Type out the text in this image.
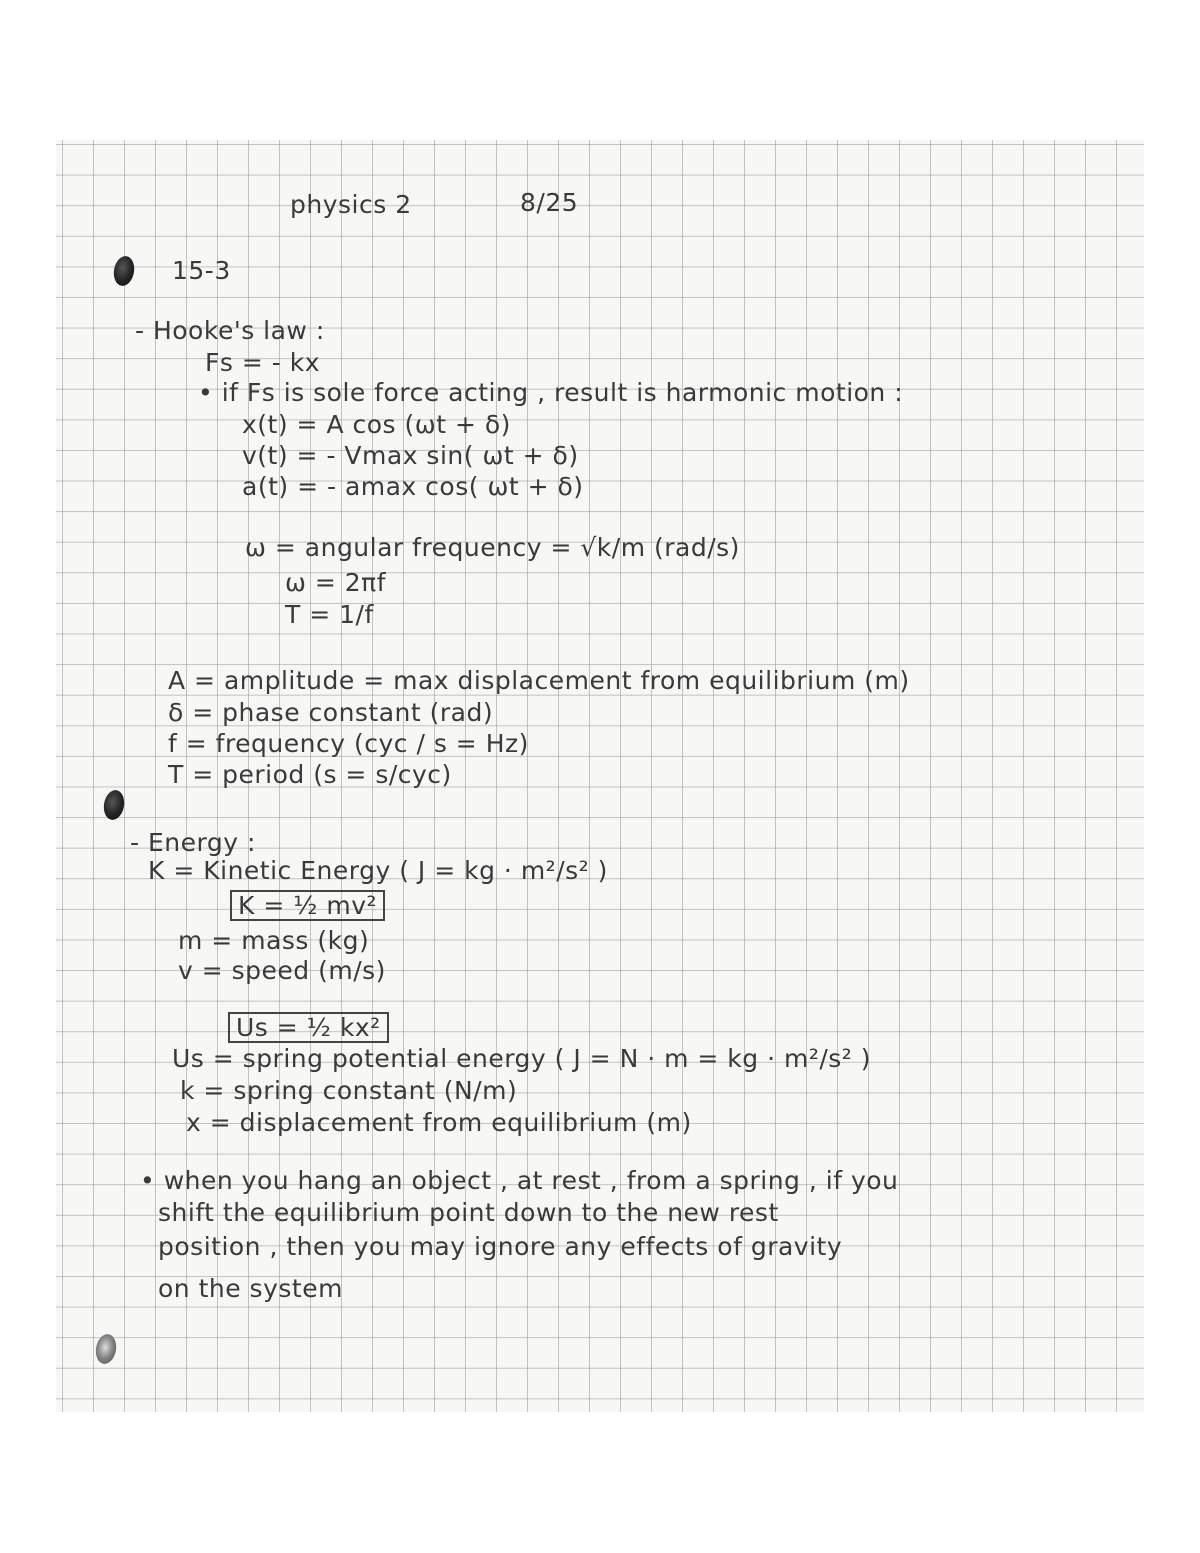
physics 2	8/25
15-3
- Hooke's law :
Fs = - kx
• if Fs is sole force acting , result is harmonic motion :
x(t) = A cos (ωt + δ)
v(t) = - Vmax sin( ωt + δ)
a(t) = - amax cos( ωt + δ)
ω = angular frequency = √k/m (rad/s)
ω = 2πf
T = 1/f
A = amplitude = max displacement from equilibrium (m)
δ = phase constant (rad)
f = frequency (cyc / s = Hz)
T = period (s = s/cyc)
- Energy :
K = Kinetic Energy ( J = kg · m²/s² )
K = ½ mv²
m = mass (kg)
v = speed (m/s)
Us = ½ kx²
Us = spring potential energy ( J = N · m = kg · m²/s² )
k = spring constant (N/m)
x = displacement from equilibrium (m)
• when you hang an object , at rest , from a spring , if you
shift the equilibrium point down to the new rest
position , then you may ignore any effects of gravity
on the system
